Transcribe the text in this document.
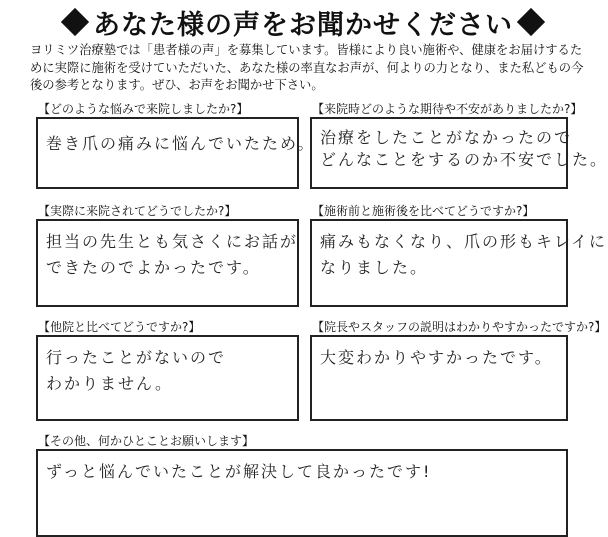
あなた様の声をお聞かせください
ヨリミツ治療塾では「患者様の声」を募集しています。皆様により良い施術や、健康をお届けするために実際に施術を受けていただいた、あなた様の率直なお声が、何よりの力となり、また私どもの今後の参考となります。ぜひ、お声をお聞かせ下さい。
【どのような悩みで来院しましたか?】
巻き爪の痛みに悩んでいたため。
【来院時どのような期待や不安がありましたか?】
治療をしたことがなかったので
どんなことをするのか不安でした。
【実際に来院されてどうでしたか?】
担当の先生とも気さくにお話が
できたのでよかったです。
【施術前と施術後を比べてどうですか?】
痛みもなくなり、爪の形もキレイに
なりました。
【他院と比べてどうですか?】
行ったことがないので
わかりません。
【院長やスタッフの説明はわかりやすかったですか?】
大変わかりやすかったです。
【その他、何かひとことお願いします】
ずっと悩んでいたことが解決して良かったです!
